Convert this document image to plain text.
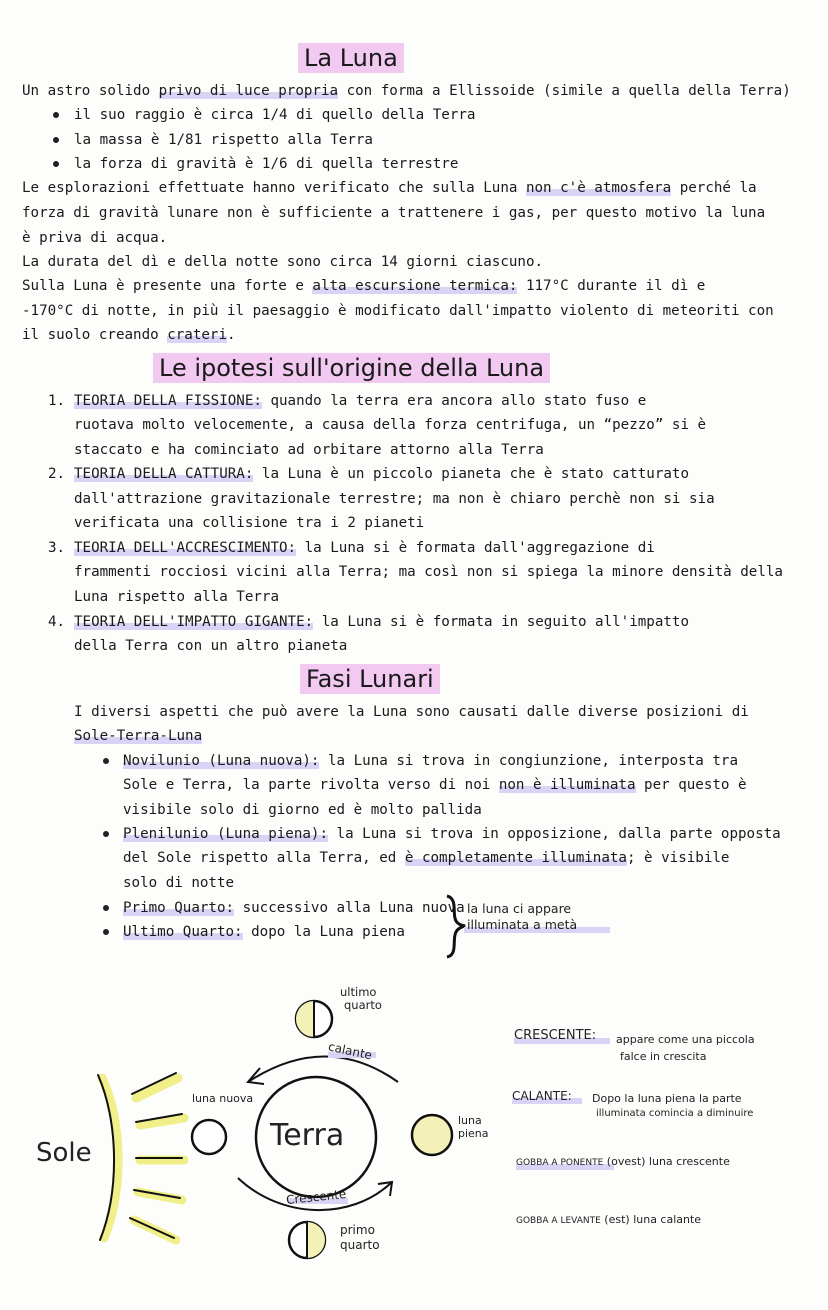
La Luna
Un astro solido privo di luce propria con forma a Ellissoide (simile a quella della Terra)
il suo raggio è circa 1/4 di quello della Terra
la massa è 1/81 rispetto alla Terra
la forza di gravità è 1/6 di quella terrestre
Le esplorazioni effettuate hanno verificato che sulla Luna non c'è atmosfera perché la
forza di gravità lunare non è sufficiente a trattenere i gas, per questo motivo la luna
è priva di acqua.
La durata del dì e della notte sono circa 14 giorni ciascuno.
Sulla Luna è presente una forte e alta escursione termica: 117°C durante il dì e
-170°C di notte, in più il paesaggio è modificato dall'impatto violento di meteoriti con
il suolo creando crateri.
Le ipotesi sull'origine della Luna
1. TEORIA DELLA FISSIONE: quando la terra era ancora allo stato fuso e
ruotava molto velocemente, a causa della forza centrifuga, un “pezzo” si è
staccato e ha cominciato ad orbitare attorno alla Terra
2. TEORIA DELLA CATTURA: la Luna è un piccolo pianeta che è stato catturato
dall'attrazione gravitazionale terrestre; ma non è chiaro perchè non si sia
verificata una collisione tra i 2 pianeti
3. TEORIA DELL'ACCRESCIMENTO: la Luna si è formata dall'aggregazione di
frammenti rocciosi vicini alla Terra; ma così non si spiega la minore densità della
Luna rispetto alla Terra
4. TEORIA DELL'IMPATTO GIGANTE: la Luna si è formata in seguito all'impatto
della Terra con un altro pianeta
Fasi Lunari
I diversi aspetti che può avere la Luna sono causati dalle diverse posizioni di
Sole-Terra-Luna
Novilunio (Luna nuova): la Luna si trova in congiunzione, interposta tra
Sole e Terra, la parte rivolta verso di noi non è illuminata per questo è
visibile solo di giorno ed è molto pallida
Plenilunio (Luna piena): la Luna si trova in opposizione, dalla parte opposta
del Sole rispetto alla Terra, ed è completamente illuminata; è visibile
solo di notte
Primo Quarto: successivo alla Luna nuova
Ultimo Quarto: dopo la Luna piena
la luna ci appare
illuminata a metà
Sole	Terra
ultimo
quarto
calante
luna nuova
luna
piena
Crescente
primo
quarto
CRESCENTE: appare come una piccola
falce in crescita
CALANTE: Dopo la luna piena la parte
illuminata comincia a diminuire
GOBBA A PONENTE (ovest) luna crescente
GOBBA A LEVANTE (est) luna calante
